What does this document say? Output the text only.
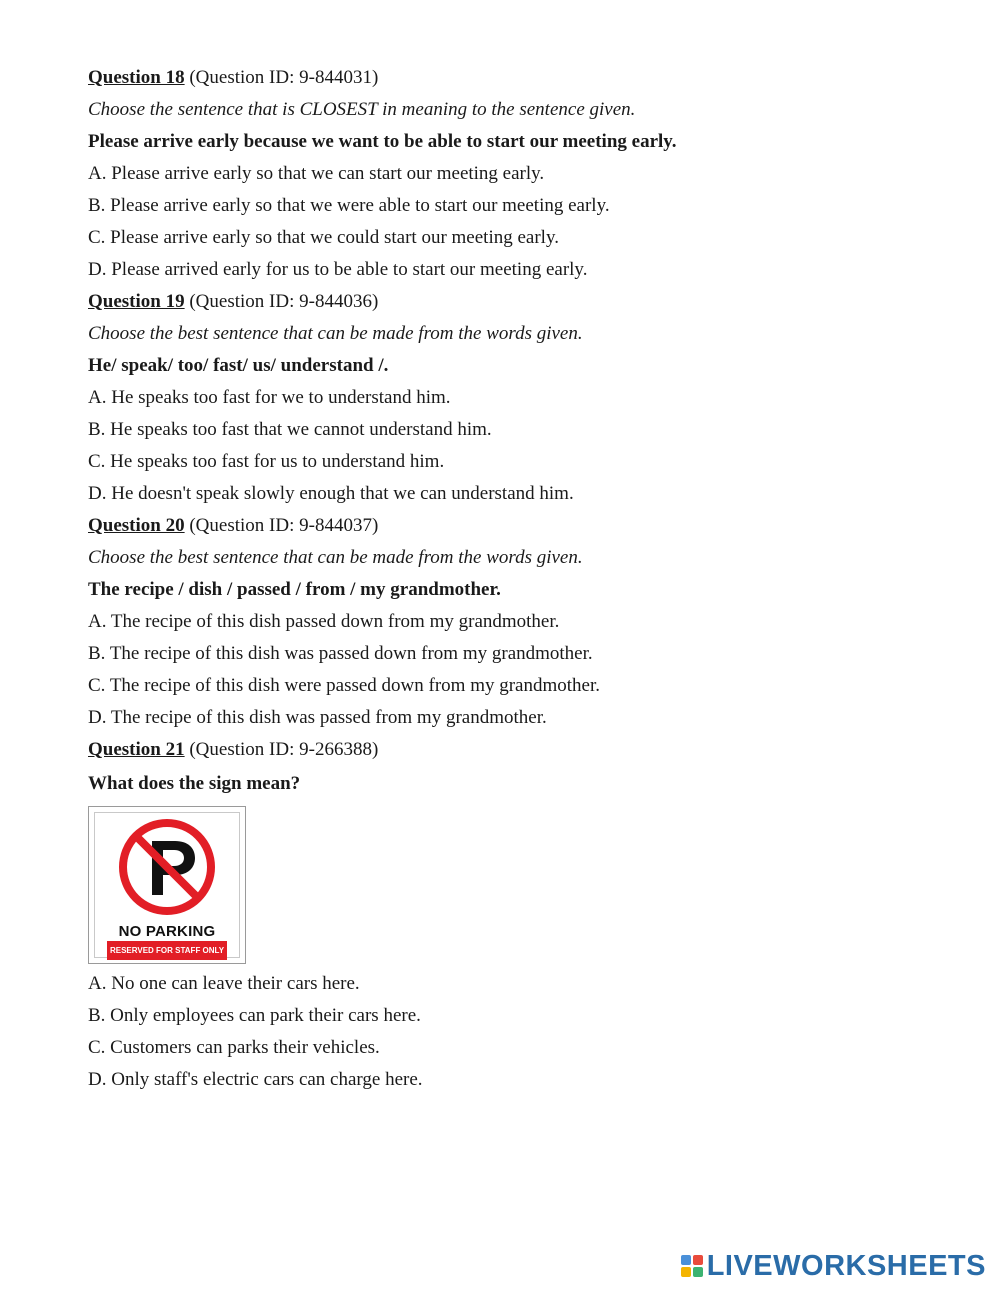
Question 18 (Question ID: 9-844031)
Choose the sentence that is CLOSEST in meaning to the sentence given.
Please arrive early because we want to be able to start our meeting early.
A. Please arrive early so that we can start our meeting early.
B. Please arrive early so that we were able to start our meeting early.
C. Please arrive early so that we could start our meeting early.
D. Please arrived early for us to be able to start our meeting early.
Question 19 (Question ID: 9-844036)
Choose the best sentence that can be made from the words given.
He/ speak/ too/ fast/ us/ understand /.
A. He speaks too fast for we to understand him.
B. He speaks too fast that we cannot understand him.
C. He speaks too fast for us to understand him.
D. He doesn't speak slowly enough that we can understand him.
Question 20 (Question ID: 9-844037)
Choose the best sentence that can be made from the words given.
The recipe / dish / passed / from / my grandmother.
A. The recipe of this dish passed down from my grandmother.
B. The recipe of this dish was passed down from my grandmother.
C. The recipe of this dish were passed down from my grandmother.
D. The recipe of this dish was passed from my grandmother.
Question 21 (Question ID: 9-266388)
What does the sign mean?
NO PARKING
RESERVED FOR STAFF ONLY
A. No one can leave their cars here.
B. Only employees can park their cars here.
C. Customers can parks their vehicles.
D. Only staff's electric cars can charge here.
LIVEWORKSHEETS
